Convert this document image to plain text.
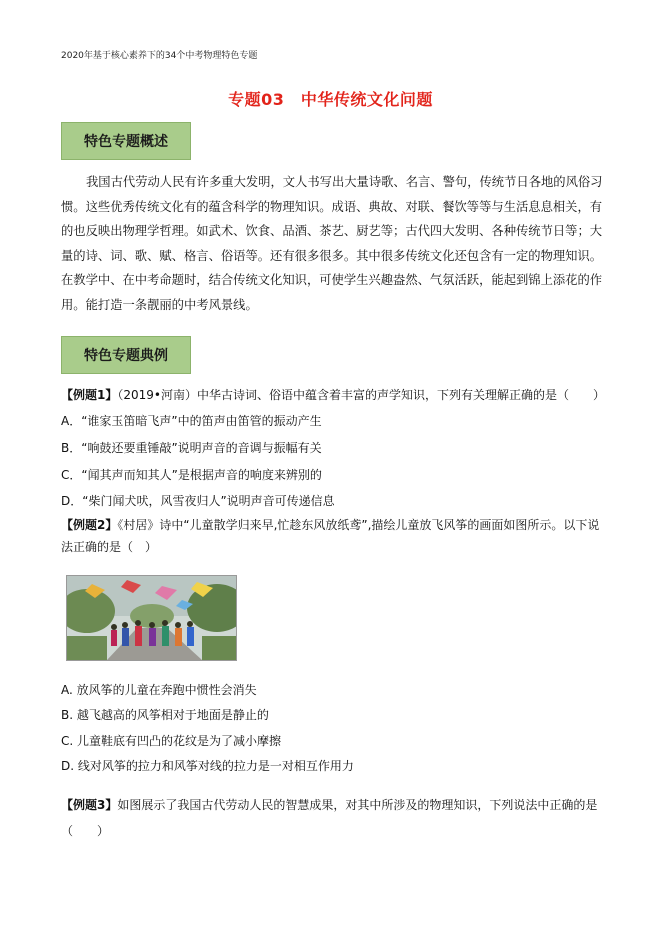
2020年基于核心素养下的34个中考物理特色专题
专题03　中华传统文化问题
特色专题概述
我国古代劳动人民有许多重大发明，文人书写出大量诗歌、名言、警句，传统节日各地的风俗习惯。这些优秀传统文化有的蕴含科学的物理知识。成语、典故、对联、餐饮等等与生活息息相关，有的也反映出物理学哲理。如武术、饮食、品酒、茶艺、厨艺等；古代四大发明、各种传统节日等；大量的诗、词、歌、赋、格言、俗语等。还有很多很多。其中很多传统文化还包含有一定的物理知识。在教学中、在中考命题时，结合传统文化知识，可使学生兴趣盎然、气氛活跃，能起到锦上添花的作用。能打造一条靓丽的中考风景线。
特色专题典例
【例题1】（2019•河南）中华古诗词、俗语中蕴含着丰富的声学知识，下列有关理解正确的是（　　）
A．“谁家玉笛暗飞声”中的笛声由笛管的振动产生
B．“响鼓还要重锤敲”说明声音的音调与振幅有关
C．“闻其声而知其人”是根据声音的响度来辨别的
D．“柴门闻犬吠，风雪夜归人”说明声音可传递信息
【例题2】《村居》诗中“儿童散学归来早,忙趁东风放纸鸢”,描绘儿童放飞风筝的画面如图所示。以下说法正确的是（　）
A. 放风筝的儿童在奔跑中惯性会消失
B. 越飞越高的风筝相对于地面是静止的
C. 儿童鞋底有凹凸的花纹是为了减小摩擦
D. 线对风筝的拉力和风筝对线的拉力是一对相互作用力
【例题3】如图展示了我国古代劳动人民的智慧成果，对其中所涉及的物理知识，下列说法中正确的是（　　）
